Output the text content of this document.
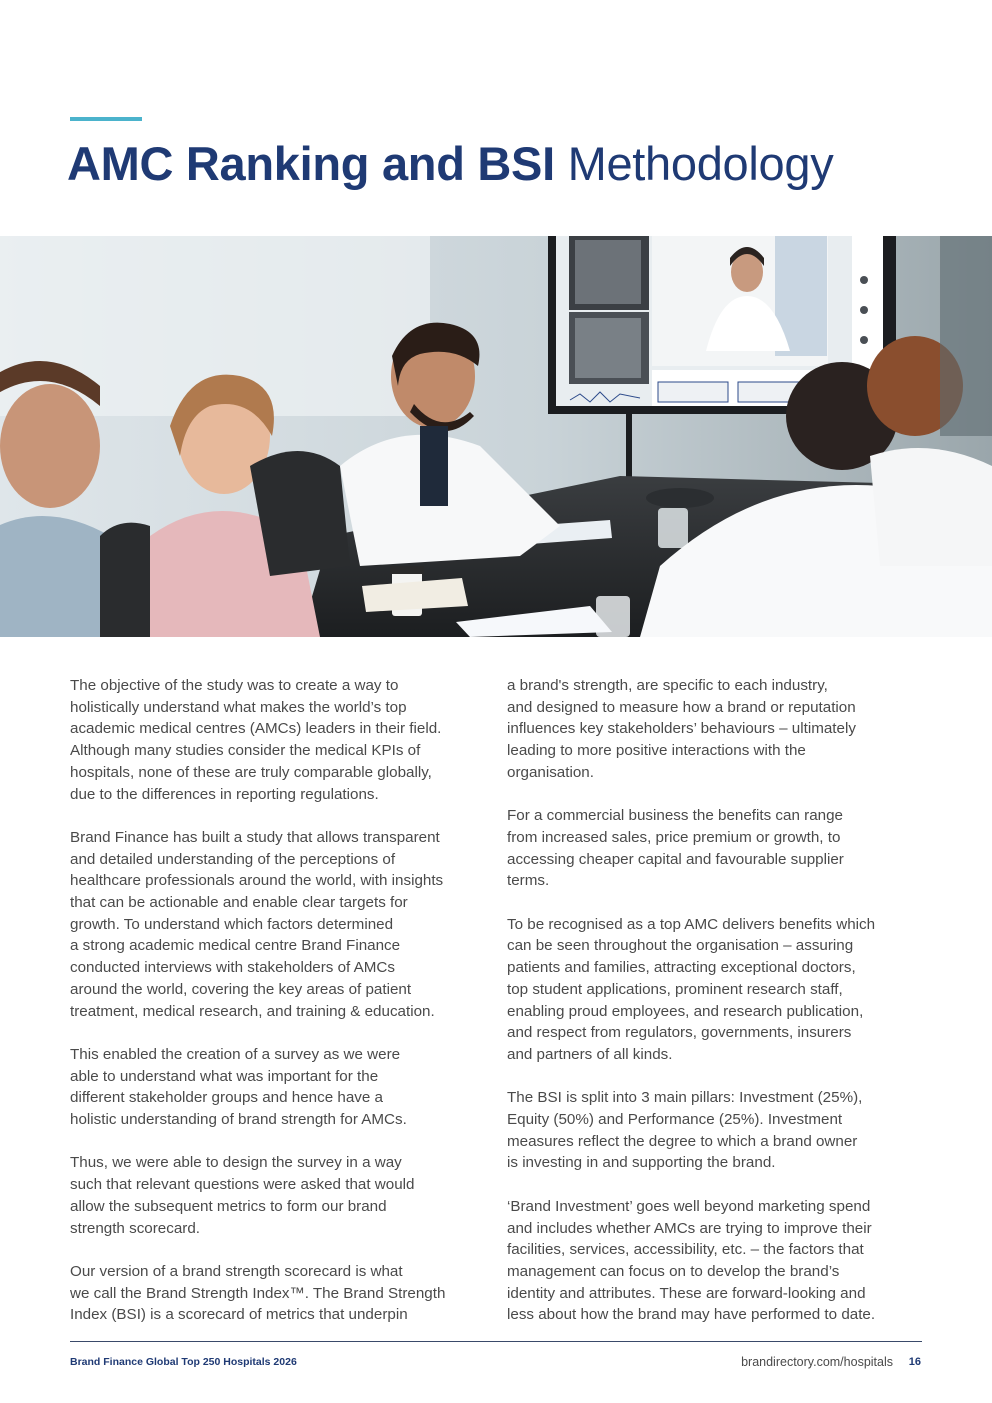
AMC Ranking and BSI Methodology

The objective of the study was to create a way to
holistically understand what makes the world’s top
academic medical centres (AMCs) leaders in their field.
Although many studies consider the medical KPIs of
hospitals, none of these are truly comparable globally,
due to the differences in reporting regulations.

Brand Finance has built a study that allows transparent
and detailed understanding of the perceptions of
healthcare professionals around the world, with insights
that can be actionable and enable clear targets for
growth. To understand which factors determined
a strong academic medical centre Brand Finance
conducted interviews with stakeholders of AMCs
around the world, covering the key areas of patient
treatment, medical research, and training & education.

This enabled the creation of a survey as we were
able to understand what was important for the
different stakeholder groups and hence have a
holistic understanding of brand strength for AMCs.

Thus, we were able to design the survey in a way
such that relevant questions were asked that would
allow the subsequent metrics to form our brand
strength scorecard.

Our version of a brand strength scorecard is what
we call the Brand Strength Index™. The Brand Strength
Index (BSI) is a scorecard of metrics that underpin

a brand's strength, are specific to each industry,
and designed to measure how a brand or reputation
influences key stakeholders’ behaviours – ultimately
leading to more positive interactions with the
organisation.

For a commercial business the benefits can range
from increased sales, price premium or growth, to
accessing cheaper capital and favourable supplier
terms.

To be recognised as a top AMC delivers benefits which
can be seen throughout the organisation – assuring
patients and families, attracting exceptional doctors,
top student applications, prominent research staff,
enabling proud employees, and research publication,
and respect from regulators, governments, insurers
and partners of all kinds.

The BSI is split into 3 main pillars: Investment (25%),
Equity (50%) and Performance (25%). Investment
measures reflect the degree to which a brand owner
is investing in and supporting the brand.

‘Brand Investment’ goes well beyond marketing spend
and includes whether AMCs are trying to improve their
facilities, services, accessibility, etc. – the factors that
management can focus on to develop the brand’s
identity and attributes. These are forward-looking and
less about how the brand may have performed to date.

Brand Finance Global Top 250 Hospitals 2026	brandirectory.com/hospitals 16
